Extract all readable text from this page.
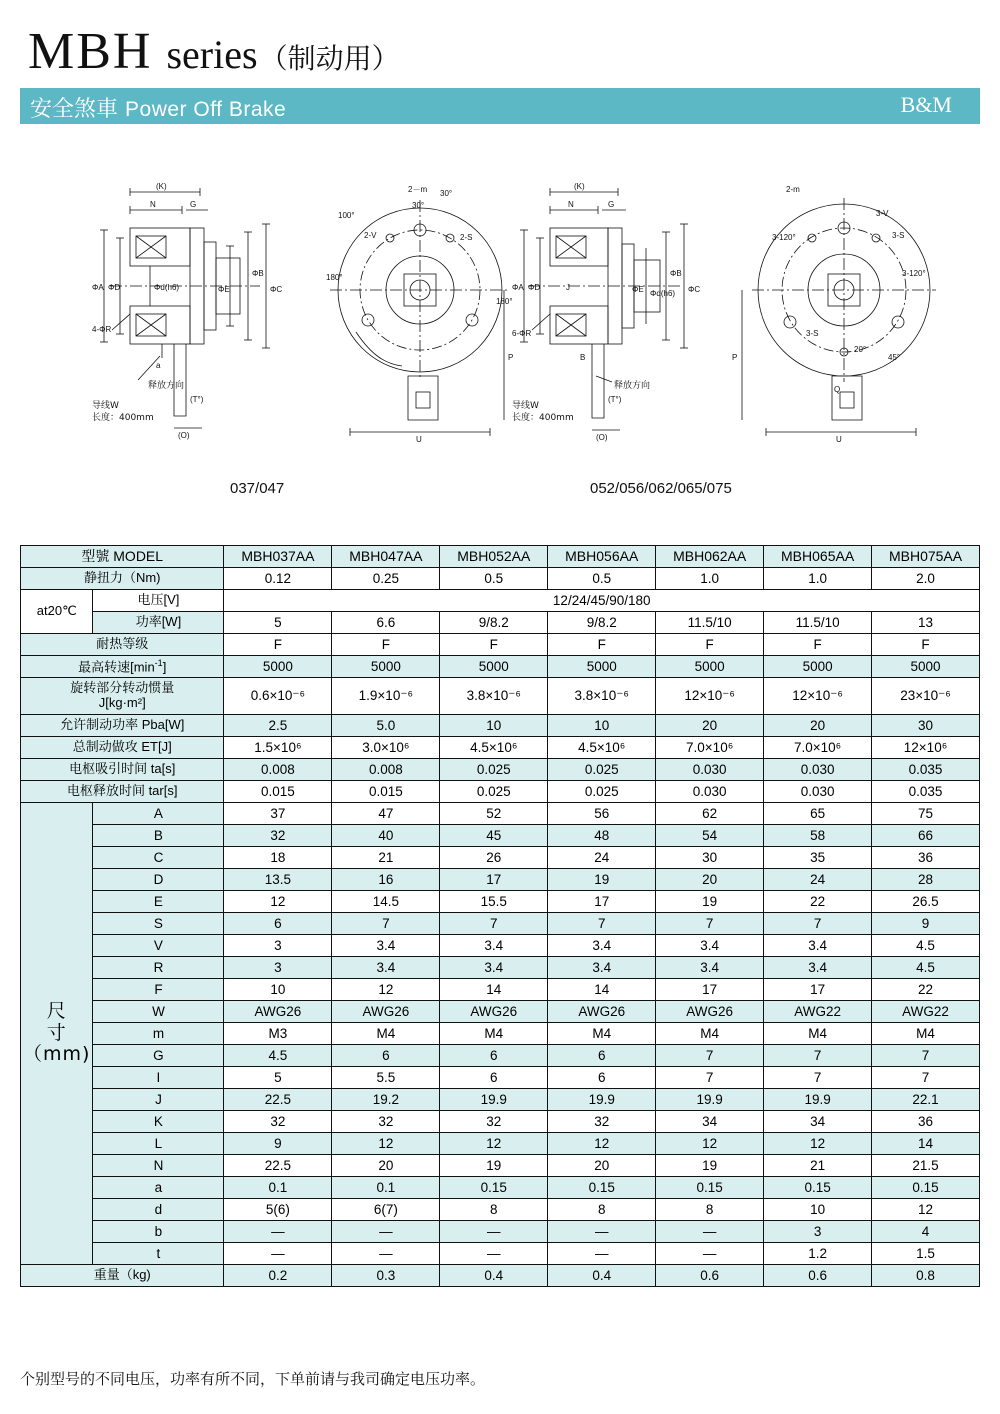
MBH series（制动用）
安全煞車 Power Off Brake	B&M
(K)
N	G
ΦA ΦD	Φd(h6)	ΦE
ΦB
ΦC
4-ΦR
a
释放方向
导线W
长度：400mm
(T°)
(O)
2－m 30°
30°
100°
2-V	2-S
180°
180°
U
P
(K)
N	G
ΦA ΦD	J	ΦE Φd(h6)
ΦB
ΦC
6-ΦR
B
释放方向
导线W
长度：400mm
(T°)
(O)
2-m
3-V
3-S
3-120°
3-120°
3-S
20°
45°
U
Q
P
037/047	052/056/062/065/075
型號 MODEL		MBH037AA	MBH047AA	MBH052AA	MBH056AA	MBH062AA	MBH065AA	MBH075AA
静扭力（Nm)		0.12	0.25	0.5	0.5	1.0	1.0	2.0
at20℃	电压[V]	12/24/45/90/180						
	功率[W]	5	6.6	9/8.2	9/8.2	11.5/10	11.5/10	13
耐热等级		F	F	F	F	F	F	F
最高转速$[\min^{-1}]$		5000	5000	5000	5000	5000	5000	5000
旋转部分转动惯量
J[kg·m²]		0.6×10⁻⁶	1.9×10⁻⁶	3.8×10⁻⁶	3.8×10⁻⁶	12×10⁻⁶	12×10⁻⁶	23×10⁻⁶
允许制动功率 Pba[W]		2.5	5.0	10	10	20	20	30
总制动做攻 ET[J]		1.5×10⁶	3.0×10⁶	4.5×10⁶	4.5×10⁶	7.0×10⁶	7.0×10⁶	12×10⁶
电枢吸引时间 ta[s]		0.008	0.008	0.025	0.025	0.030	0.030	0.035
电枢释放时间 tar[s]		0.015	0.015	0.025	0.025	0.030	0.030	0.035
尺
寸
（mm)	A	37	47	52	56	62	65	75
	B	32	40	45	48	54	58	66
	C	18	21	26	24	30	35	36
	D	13.5	16	17	19	20	24	28
	E	12	14.5	15.5	17	19	22	26.5
	S	6	7	7	7	7	7	9
	V	3	3.4	3.4	3.4	3.4	3.4	4.5
	R	3	3.4	3.4	3.4	3.4	3.4	4.5
	F	10	12	14	14	17	17	22
	W	AWG26	AWG26	AWG26	AWG26	AWG26	AWG22	AWG22
	m	M3	M4	M4	M4	M4	M4	M4
	G	4.5	6	6	6	7	7	7
	I	5	5.5	6	6	7	7	7
	J	22.5	19.2	19.9	19.9	19.9	19.9	22.1
	K	32	32	32	32	34	34	36
	L	9	12	12	12	12	12	14
	N	22.5	20	19	20	19	21	21.5
	a	0.1	0.1	0.15	0.15	0.15	0.15	0.15
	d	5(6)	6(7)	8	8	8	10	12
	b	—	—	—	—	—	3	4
	t	—	—	—	—	—	1.2	1.5
重量（kg)		0.2	0.3	0.4	0.4	0.6	0.6	0.8
个别型号的不同电压，功率有所不同，下单前请与我司确定电压功率。
